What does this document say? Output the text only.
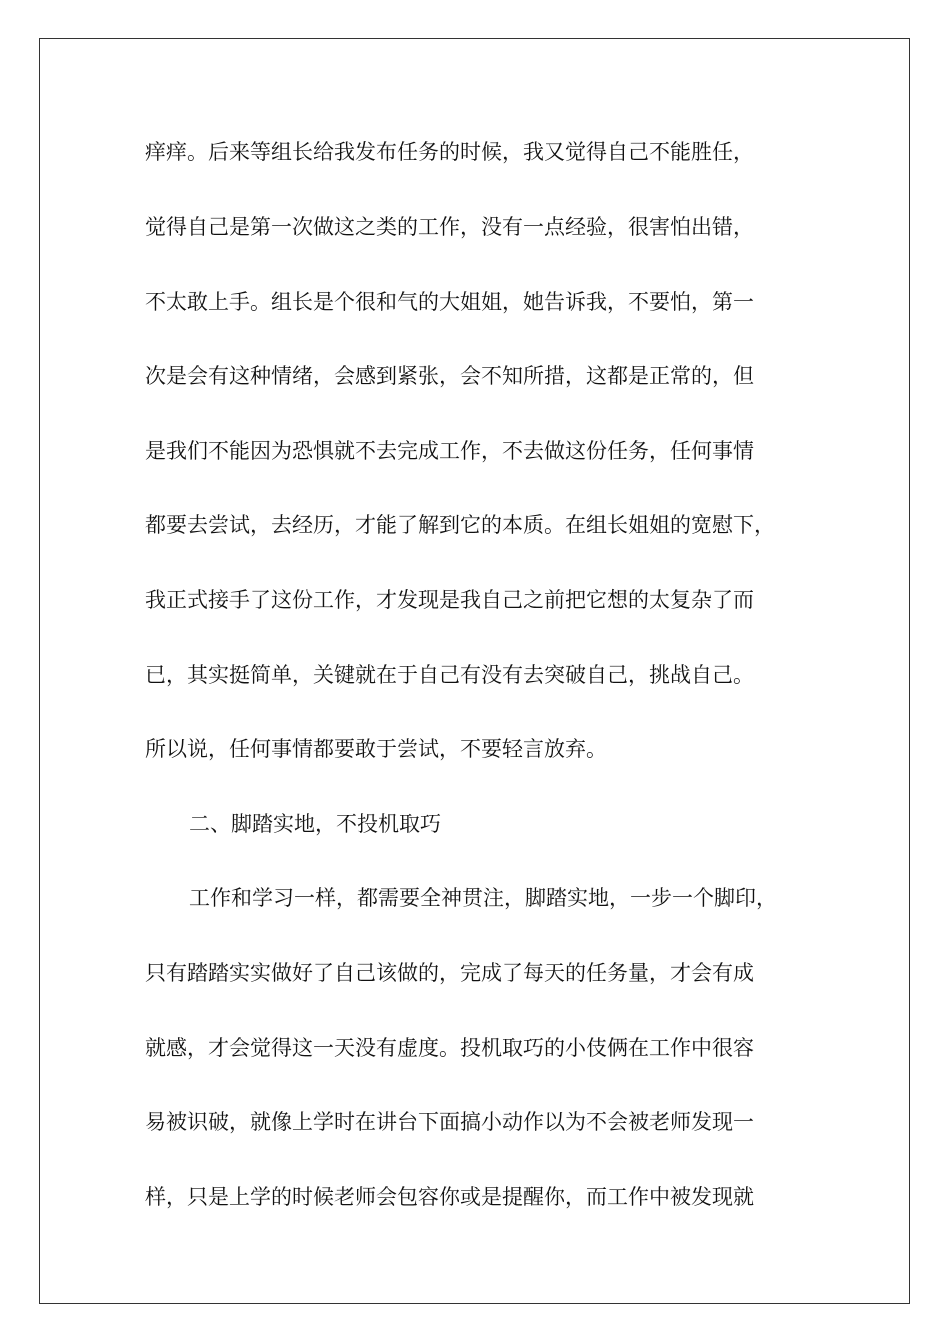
痒痒。后来等组长给我发布任务的时候，我又觉得自己不能胜任，

觉得自己是第一次做这之类的工作，没有一点经验，很害怕出错，

不太敢上手。组长是个很和气的大姐姐，她告诉我，不要怕，第一

次是会有这种情绪，会感到紧张，会不知所措，这都是正常的，但

是我们不能因为恐惧就不去完成工作，不去做这份任务，任何事情

都要去尝试，去经历，才能了解到它的本质。在组长姐姐的宽慰下，

我正式接手了这份工作，才发现是我自己之前把它想的太复杂了而

已，其实挺简单，关键就在于自己有没有去突破自己，挑战自己。

所以说，任何事情都要敢于尝试，不要轻言放弃。

二、脚踏实地，不投机取巧

工作和学习一样，都需要全神贯注，脚踏实地，一步一个脚印，

只有踏踏实实做好了自己该做的，完成了每天的任务量，才会有成

就感，才会觉得这一天没有虚度。投机取巧的小伎俩在工作中很容

易被识破，就像上学时在讲台下面搞小动作以为不会被老师发现一

样，只是上学的时候老师会包容你或是提醒你，而工作中被发现就
